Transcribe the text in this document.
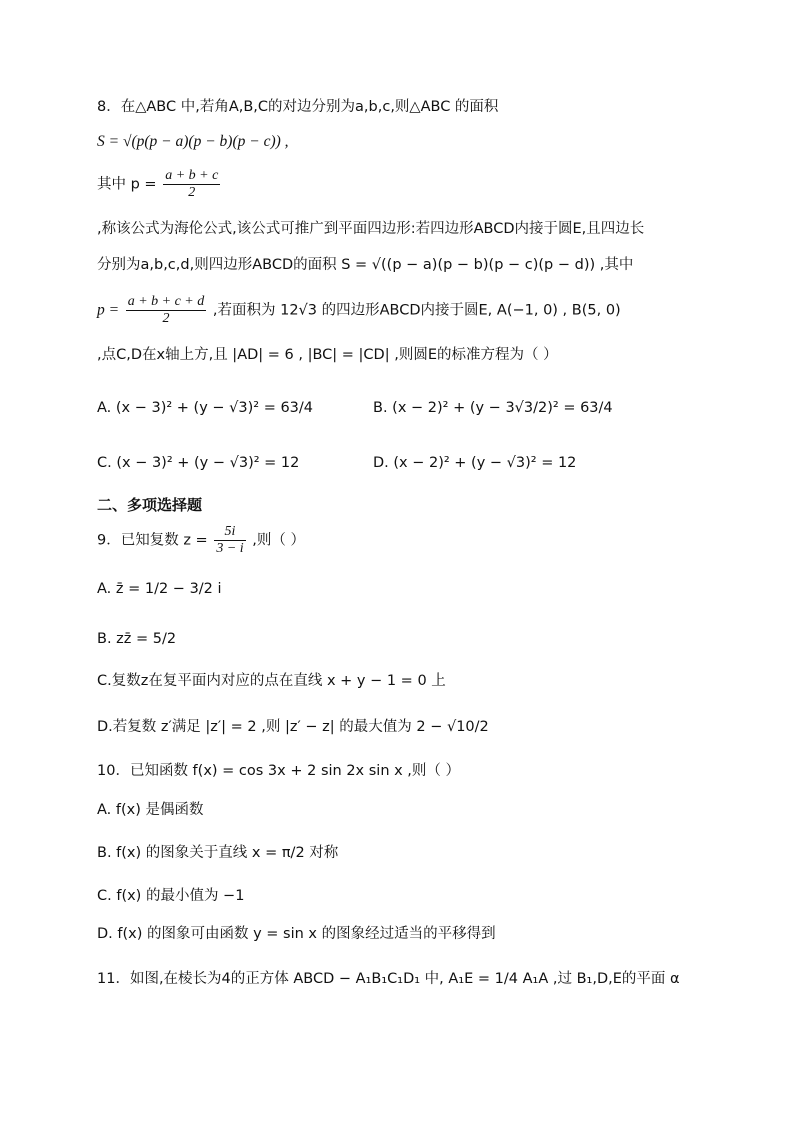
8．在△ABC 中,若角A,B,C的对边分别为a,b,c,则△ABC 的面积
S = √(p(p − a)(p − b)(p − c)) ,
其中 $p = \frac{a + b + c}{2}$
,称该公式为海伦公式,该公式可推广到平面四边形:若四边形ABCD内接于圆E,且四边长
分别为a,b,c,d,则四边形ABCD的面积 S = √((p − a)(p − b)(p − c)(p − d)) ,其中
$p = \frac{a + b + c + d}{2}$ ,若面积为 12√3 的四边形ABCD内接于圆E, A(−1, 0) , B(5, 0)
,点C,D在x轴上方,且 |AD| = 6 , |BC| = |CD| ,则圆E的标准方程为（ ）
A. (x − 3)² + (y − √3)² = 63/4	B. (x − 2)² + (y − 3√3/2)² = 63/4
C. (x − 3)² + (y − √3)² = 12	D. (x − 2)² + (y − √3)² = 12
二、多项选择题
9．已知复数 $z = \frac{5i}{3 - i}$ ,则（ ）
A. z̄ = 1/2 − 3/2 i
B. zz̄ = 5/2
C.复数z在复平面内对应的点在直线 x + y − 1 = 0 上
D.若复数 z′满足 |z′| = 2 ,则 |z′ − z| 的最大值为 2 − √10/2
10．已知函数 f(x) = cos 3x + 2 sin 2x sin x ,则（ ）
A. f(x) 是偶函数
B. f(x) 的图象关于直线 x = π/2 对称
C. f(x) 的最小值为 −1
D. f(x) 的图象可由函数 y = sin x 的图象经过适当的平移得到
11．如图,在棱长为4的正方体 ABCD − A₁B₁C₁D₁ 中, A₁E = 1/4 A₁A ,过 B₁,D,E的平面 α
